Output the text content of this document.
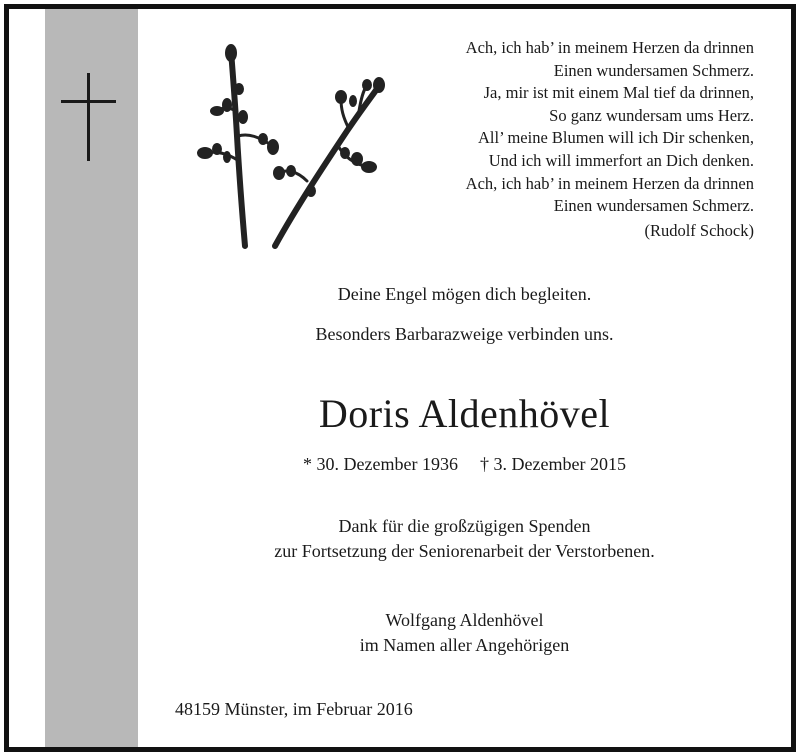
Ach, ich hab’ in meinem Herzen da drinnen
Einen wundersamen Schmerz.
Ja, mir ist mit einem Mal tief da drinnen,
So ganz wundersam ums Herz.
All’ meine Blumen will ich Dir schenken,
Und ich will immerfort an Dich denken.
Ach, ich hab’ in meinem Herzen da drinnen
Einen wundersamen Schmerz.
(Rudolf Schock)
Deine Engel mögen dich begleiten.
Besonders Barbarazweige verbinden uns.
Doris Aldenhövel
* 30. Dezember 1936 † 3. Dezember 2015
Dank für die großzügigen Spenden
zur Fortsetzung der Seniorenarbeit der Verstorbenen.
Wolfgang Aldenhövel
im Namen aller Angehörigen
48159 Münster, im Februar 2016
